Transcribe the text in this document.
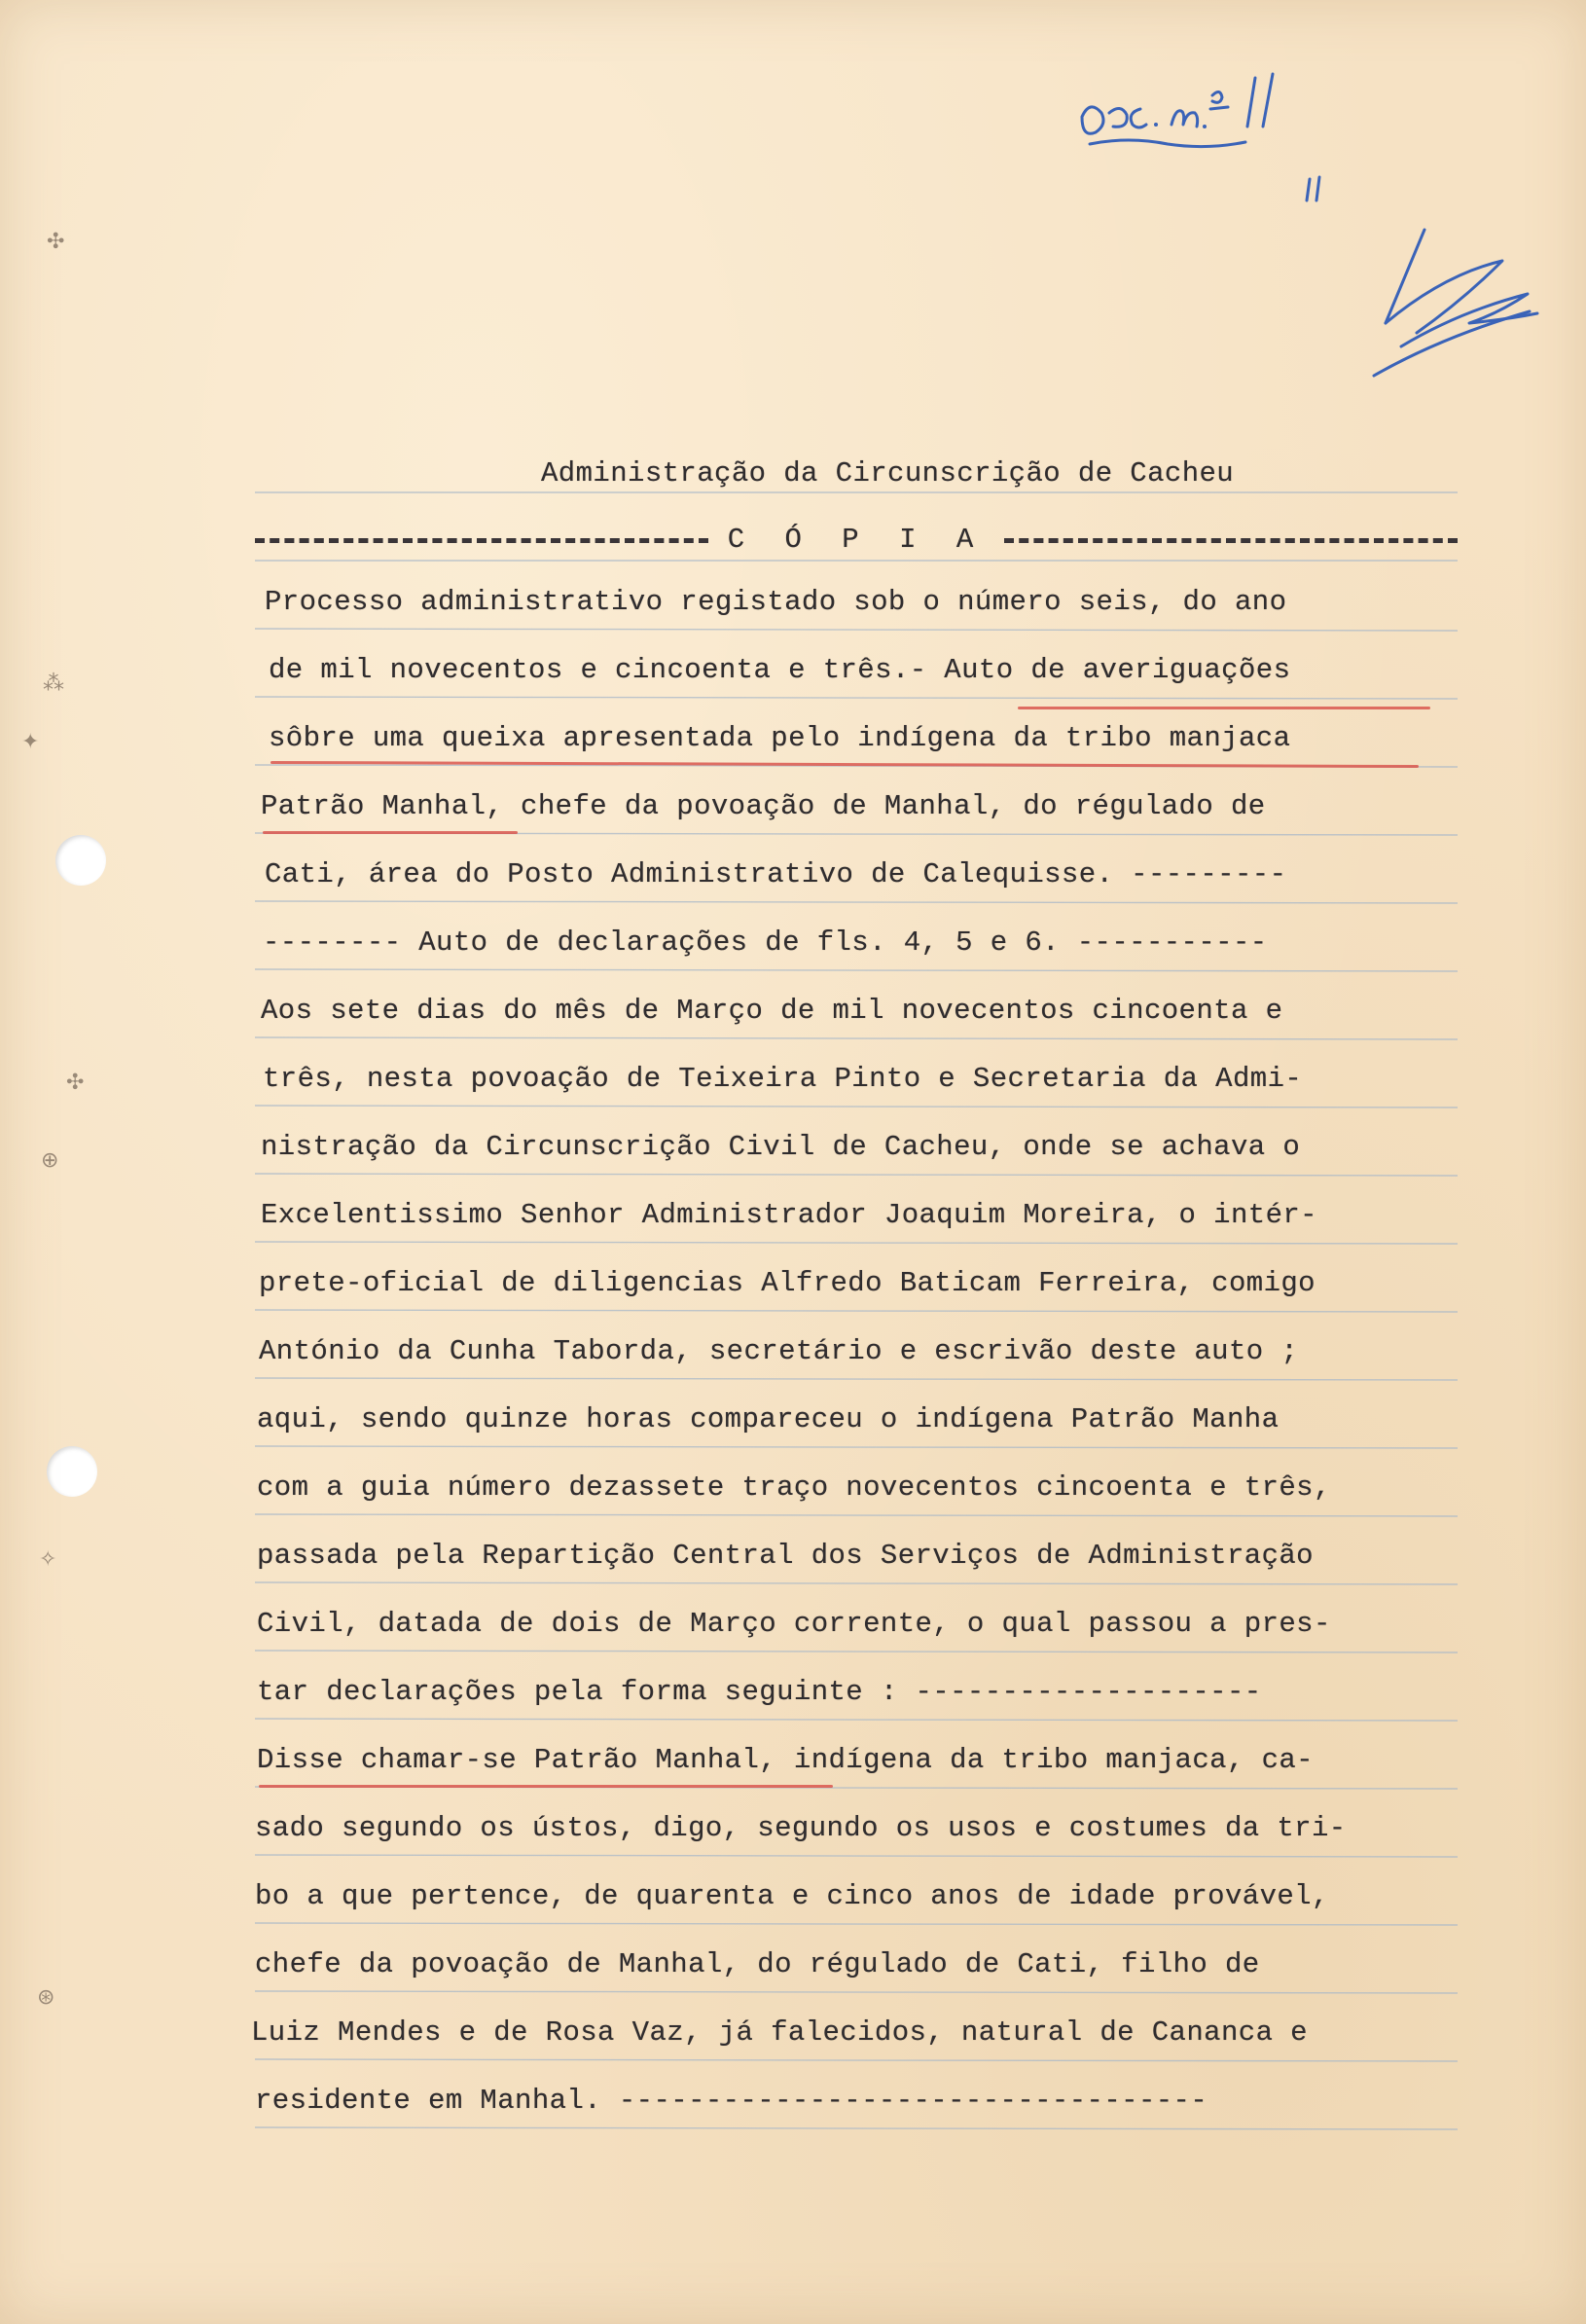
✣
⁂
✦
✣
⊕
✧
⊛
Administração da Circunscrição de Cacheu
C Ó P I A
Processo administrativo registado sob o número seis, do ano
de mil novecentos e cincoenta e três.- Auto de averiguações
sôbre uma queixa apresentada pelo indígena da tribo manjaca
Patrão Manhal, chefe da povoação de Manhal, do régulado de
Cati, área do Posto Administrativo de Calequisse. ---------
-------- Auto de declarações de fls. 4, 5 e 6. -----------
Aos sete dias do mês de Março de mil novecentos cincoenta e
três, nesta povoação de Teixeira Pinto e Secretaria da Admi-
nistração da Circunscrição Civil de Cacheu, onde se achava o
Excelentissimo Senhor Administrador Joaquim Moreira, o intér-
prete-oficial de diligencias Alfredo Baticam Ferreira, comigo
António da Cunha Taborda, secretário e escrivão deste auto ;
aqui, sendo quinze horas compareceu o indígena Patrão Manha
com a guia número dezassete traço novecentos cincoenta e três,
passada pela Repartição Central dos Serviços de Administração
Civil, datada de dois de Março corrente, o qual passou a pres-
tar declarações pela forma seguinte : --------------------
Disse chamar-se Patrão Manhal, indígena da tribo manjaca, ca-
sado segundo os ústos, digo, segundo os usos e costumes da tri-
bo a que pertence, de quarenta e cinco anos de idade provável,
chefe da povoação de Manhal, do régulado de Cati, filho de
Luiz Mendes e de Rosa Vaz, já falecidos, natural de Cananca e
residente em Manhal. ----------------------------------
